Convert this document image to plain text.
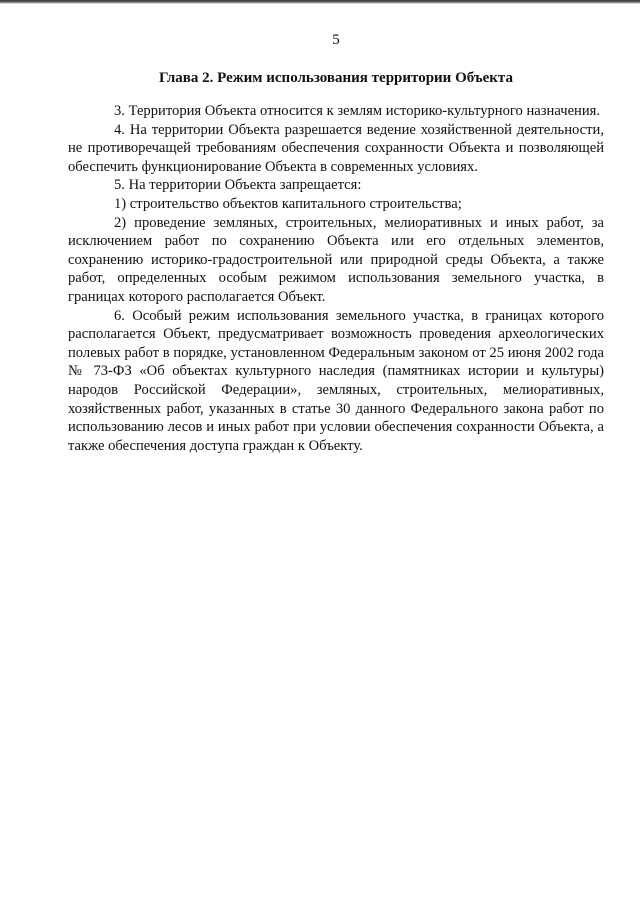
5

Глава 2. Режим использования территории Объекта

3. Территория Объекта относится к землям историко-культурного назначения.

4. На территории Объекта разрешается ведение хозяйственной деятельности, не противоречащей требованиям обеспечения сохранности Объекта и позволяющей обеспечить функционирование Объекта в современных условиях.

5. На территории Объекта запрещается:

1) строительство объектов капитального строительства;

2) проведение земляных, строительных, мелиоративных и иных работ, за исключением работ по сохранению Объекта или его отдельных элементов, сохранению историко-градостроительной или природной среды Объекта, а также работ, определенных особым режимом использования земельного участка, в границах которого располагается Объект.

6. Особый режим использования земельного участка, в границах которого располагается Объект, предусматривает возможность проведения археологических полевых работ в порядке, установленном Федеральным законом от 25 июня 2002 года № 73-ФЗ «Об объектах культурного наследия (памятниках истории и культуры) народов Российской Федерации», земляных, строительных, мелиоративных, хозяйственных работ, указанных в статье 30 данного Федерального закона работ по использованию лесов и иных работ при условии обеспечения сохранности Объекта, а также обеспечения доступа граждан к Объекту.
